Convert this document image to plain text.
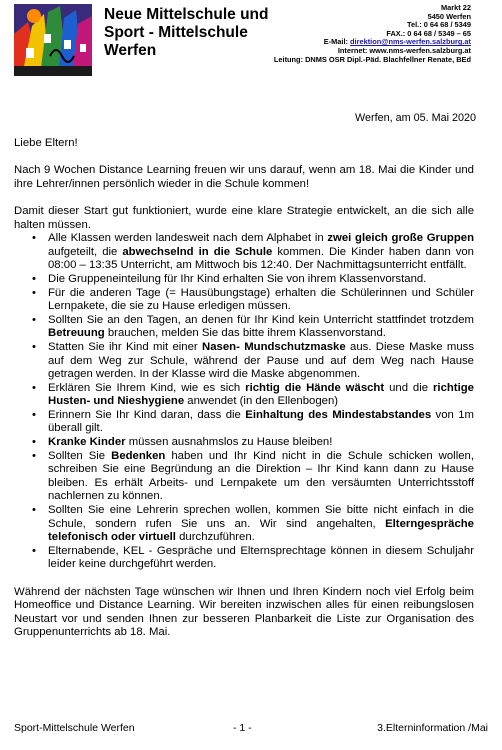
Neue Mittelschule und
Sport - Mittelschule
Werfen
Markt 22
5450 Werfen
Tel.: 0 64 68 / 5349
FAX.: 0 64 68 / 5349 – 65
E-Mail: direktion@nms-werfen.salzburg.at
Internet: www.nms-werfen.salzburg.at
Leitung: DNMS OSR Dipl.-Päd. Blachfellner Renate, BEd
Werfen, am 05. Mai 2020

Liebe Eltern!

Nach 9 Wochen Distance Learning freuen wir uns darauf, wenn am 18. Mai die Kinder und ihre Lehrer/innen persönlich wieder in die Schule kommen!

Damit dieser Start gut funktioniert, wurde eine klare Strategie entwickelt, an die sich alle halten müssen.

• Alle Klassen werden landesweit nach dem Alphabet in zwei gleich große Gruppen aufgeteilt, die abwechselnd in die Schule kommen. Die Kinder haben dann von 08:00 – 13:35 Unterricht, am Mittwoch bis 12:40. Der Nachmittagsunterricht entfällt.
• Die Gruppeneinteilung für Ihr Kind erhalten Sie von ihrem Klassenvorstand.
• Für die anderen Tage (= Hausübungstage) erhalten die Schülerinnen und Schüler Lernpakete, die sie zu Hause erledigen müssen.
• Sollten Sie an den Tagen, an denen für Ihr Kind kein Unterricht stattfindet trotzdem Betreuung brauchen, melden Sie das bitte ihrem Klassenvorstand.
• Statten Sie ihr Kind mit einer Nasen- Mundschutzmaske aus. Diese Maske muss auf dem Weg zur Schule, während der Pause und auf dem Weg nach Hause getragen werden. In der Klasse wird die Maske abgenommen.
• Erklären Sie Ihrem Kind, wie es sich richtig die Hände wäscht und die richtige Husten- und Nieshygiene anwendet (in den Ellenbogen)
• Erinnern Sie Ihr Kind daran, dass die Einhaltung des Mindestabstandes von 1m überall gilt.
• Kranke Kinder müssen ausnahmslos zu Hause bleiben!
• Sollten Sie Bedenken haben und Ihr Kind nicht in die Schule schicken wollen, schreiben Sie eine Begründung an die Direktion – Ihr Kind kann dann zu Hause bleiben. Es erhält Arbeits- und Lernpakete um den versäumten Unterrichtsstoff nachlernen zu können.
• Sollten Sie eine Lehrerin sprechen wollen, kommen Sie bitte nicht einfach in die Schule, sondern rufen Sie uns an. Wir sind angehalten, Elterngespräche telefonisch oder virtuell durchzuführen.
• Elternabende, KEL - Gespräche und Elternsprechtage können in diesem Schuljahr leider keine durchgeführt werden.

Während der nächsten Tage wünschen wir Ihnen und Ihren Kindern noch viel Erfolg beim Homeoffice und Distance Learning. Wir bereiten inzwischen alles für einen reibungslosen Neustart vor und senden Ihnen zur besseren Planbarkeit die Liste zur Organisation des Gruppenunterrichts ab 18. Mai.

Sport-Mittelschule Werfen	- 1 -	3.Elterninformation /Mai
